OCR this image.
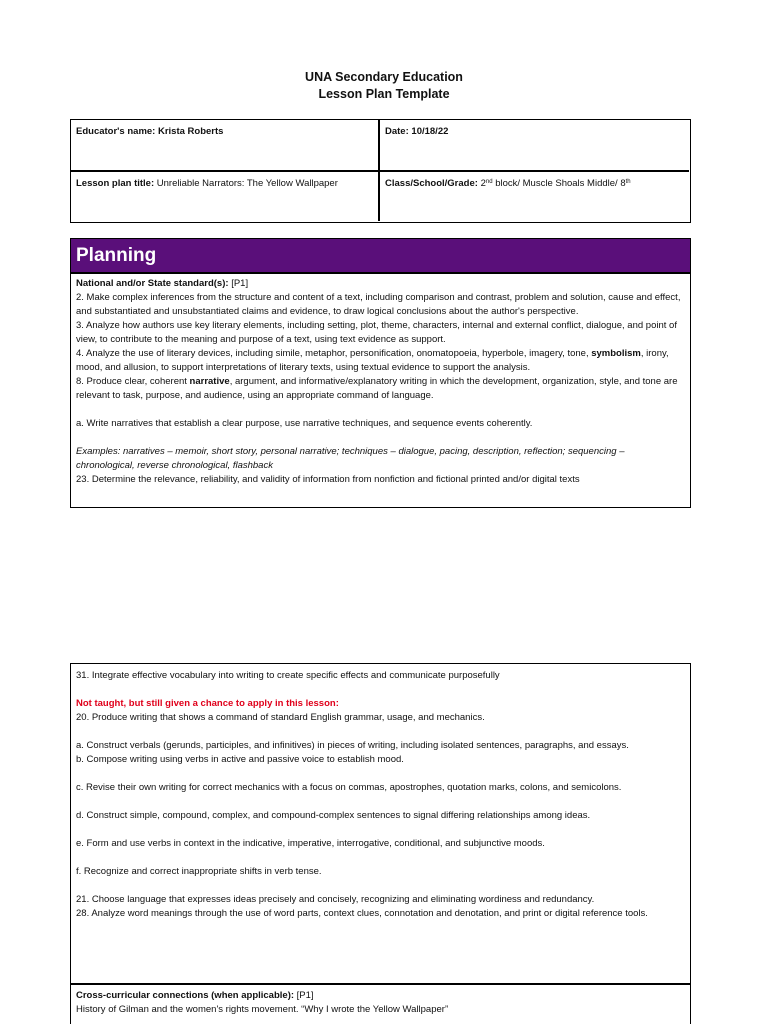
UNA Secondary Education
Lesson Plan Template
Educator's name: Krista Roberts	Date: 10/18/22
Lesson plan title: Unreliable Narrators: The Yellow Wallpaper	Class/School/Grade: 2nd block/ Muscle Shoals Middle/ 8th
Planning

National and/or State standard(s): [P1]

2. Make complex inferences from the structure and content of a text, including comparison and contrast, problem and solution, cause and effect, and substantiated and unsubstantiated claims and evidence, to draw logical conclusions about the author's perspective.

3. Analyze how authors use key literary elements, including setting, plot, theme, characters, internal and external conflict, dialogue, and point of view, to contribute to the meaning and purpose of a text, using text evidence as support.

4. Analyze the use of literary devices, including simile, metaphor, personification, onomatopoeia, hyperbole, imagery, tone, symbolism, irony, mood, and allusion, to support interpretations of literary texts, using textual evidence to support the analysis.

8. Produce clear, coherent narrative, argument, and informative/explanatory writing in which the development, organization, style, and tone are relevant to task, purpose, and audience, using an appropriate command of language.

a. Write narratives that establish a clear purpose, use narrative techniques, and sequence events coherently.

Examples: narratives – memoir, short story, personal narrative; techniques – dialogue, pacing, description, reflection; sequencing – chronological, reverse chronological, flashback

23. Determine the relevance, reliability, and validity of information from nonfiction and fictional printed and/or digital texts

31. Integrate effective vocabulary into writing to create specific effects and communicate purposefully

Not taught, but still given a chance to apply in this lesson:

20. Produce writing that shows a command of standard English grammar, usage, and mechanics.

a. Construct verbals (gerunds, participles, and infinitives) in pieces of writing, including isolated sentences, paragraphs, and essays.

b. Compose writing using verbs in active and passive voice to establish mood.

c. Revise their own writing for correct mechanics with a focus on commas, apostrophes, quotation marks, colons, and semicolons.

d. Construct simple, compound, complex, and compound-complex sentences to signal differing relationships among ideas.

e. Form and use verbs in context in the indicative, imperative, interrogative, conditional, and subjunctive moods.

f. Recognize and correct inappropriate shifts in verb tense.

21. Choose language that expresses ideas precisely and concisely, recognizing and eliminating wordiness and redundancy.

28. Analyze word meanings through the use of word parts, context clues, connotation and denotation, and print or digital reference tools.

Cross-curricular connections (when applicable): [P1]

History of Gilman and the women's rights movement. “Why I wrote the Yellow Wallpaper”
